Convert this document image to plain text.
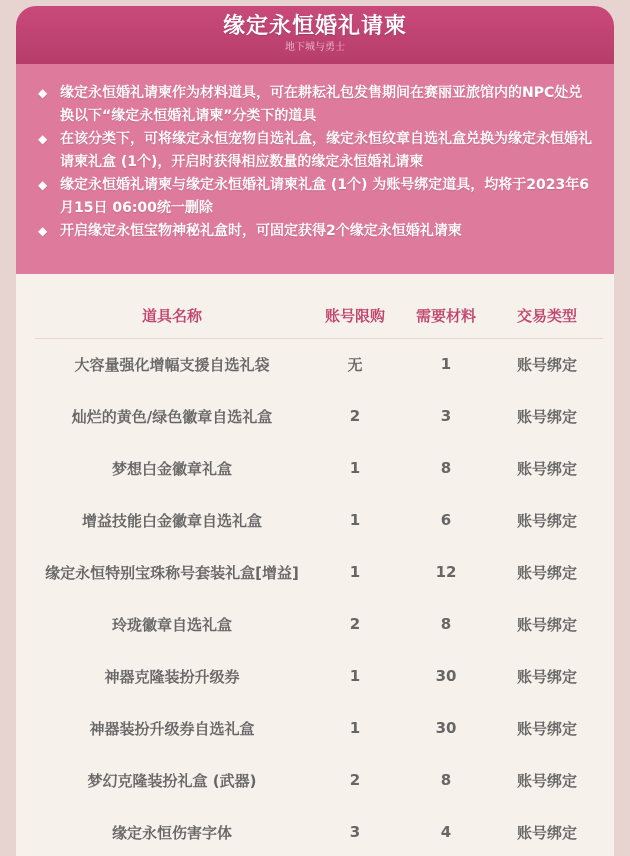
缘定永恒婚礼请柬
地下城与勇士
◆ 缘定永恒婚礼请柬作为材料道具，可在耕耘礼包发售期间在赛丽亚旅馆内的NPC处兑换以下“缘定永恒婚礼请柬”分类下的道具
◆ 在该分类下，可将缘定永恒宠物自选礼盒，缘定永恒纹章自选礼盒兑换为缘定永恒婚礼请柬礼盒 (1个)，开启时获得相应数量的缘定永恒婚礼请柬
◆ 缘定永恒婚礼请柬与缘定永恒婚礼请柬礼盒 (1个) 为账号绑定道具，均将于2023年6月15日 06:00统一删除
◆ 开启缘定永恒宝物神秘礼盒时，可固定获得2个缘定永恒婚礼请柬
道具名称	账号限购	需要材料	交易类型
大容量强化增幅支援自选礼袋	无	1	账号绑定
灿烂的黄色/绿色徽章自选礼盒	2	3	账号绑定
梦想白金徽章礼盒	1	8	账号绑定
增益技能白金徽章自选礼盒	1	6	账号绑定
缘定永恒特别宝珠称号套装礼盒[增益]	1	12	账号绑定
玲珑徽章自选礼盒	2	8	账号绑定
神器克隆装扮升级券	1	30	账号绑定
神器装扮升级券自选礼盒	1	30	账号绑定
梦幻克隆装扮礼盒 (武器)	2	8	账号绑定
缘定永恒伤害字体	3	4	账号绑定
